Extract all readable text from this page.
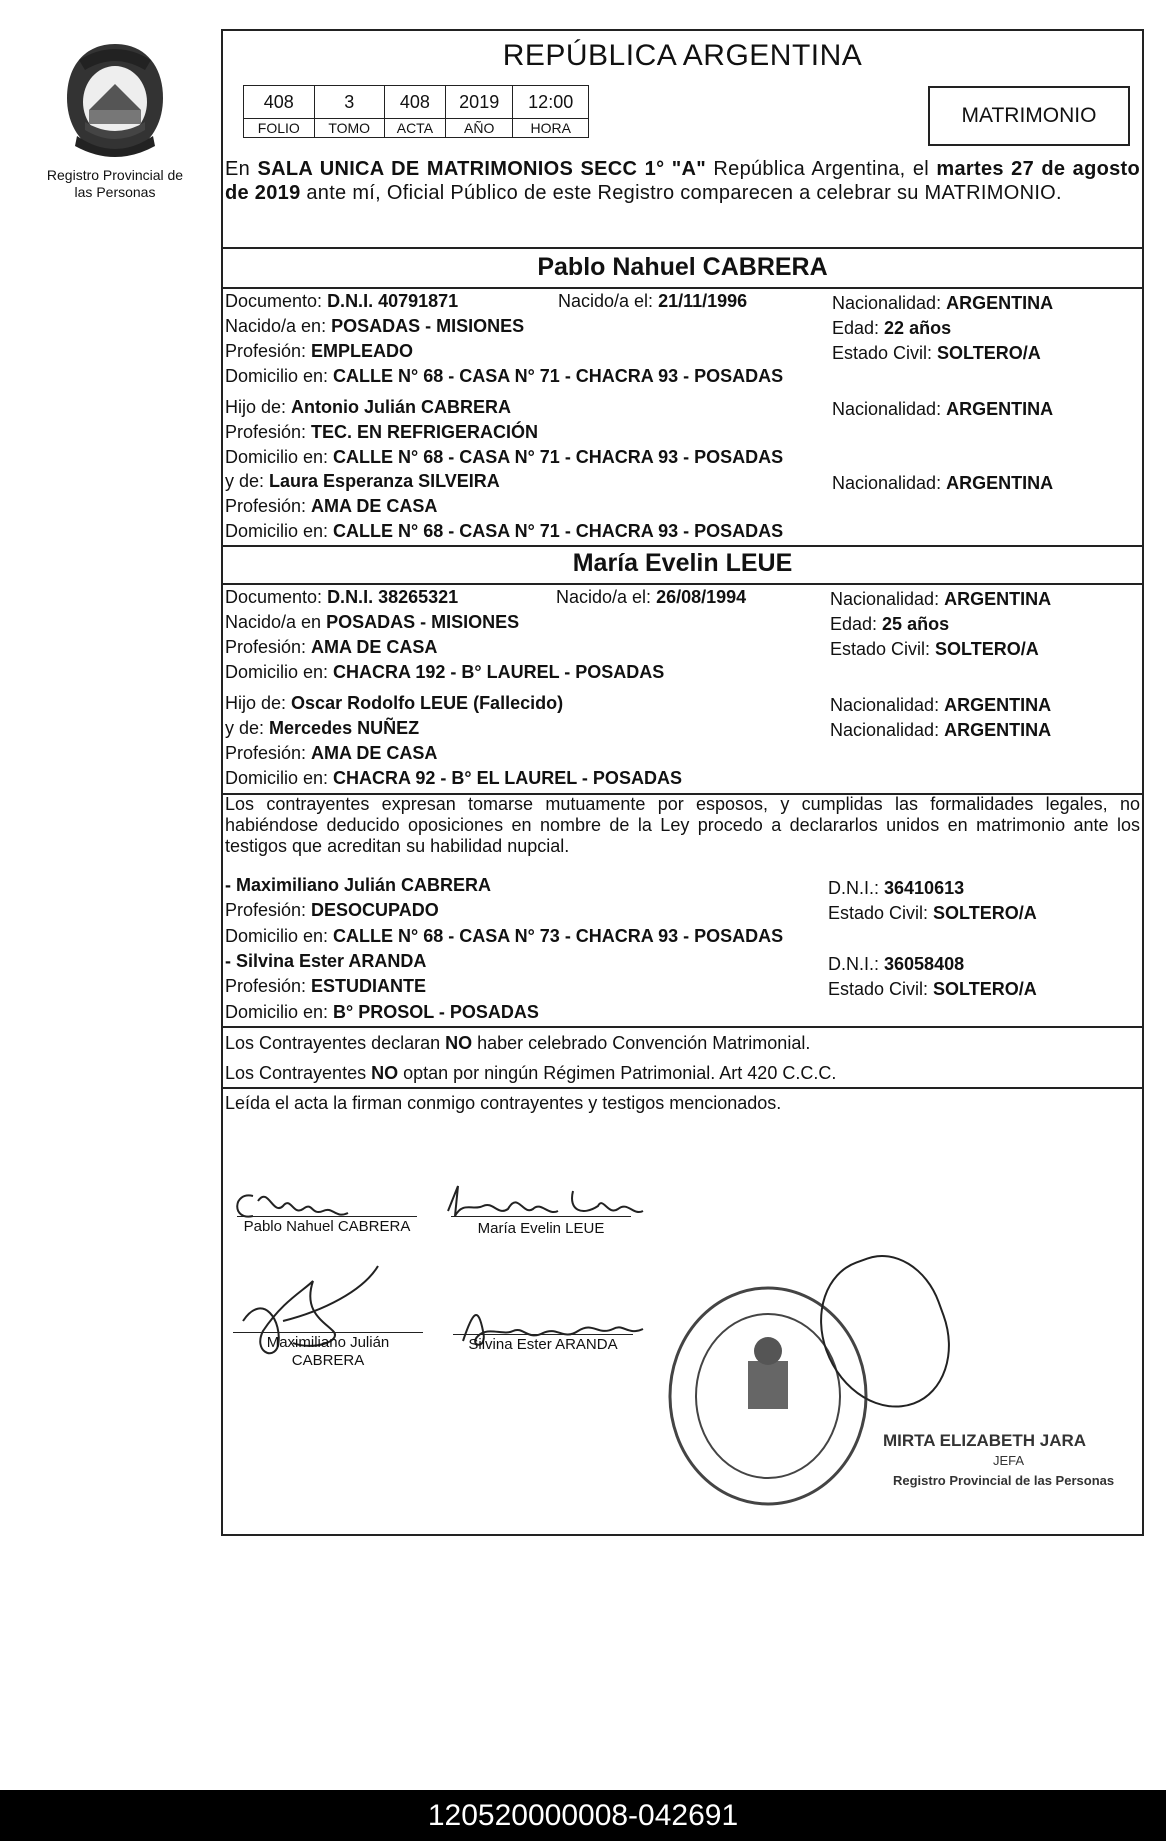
Registro Provincial de las Personas
REPÚBLICA ARGENTINA
408	3	408	2019	12:00
FOLIO	TOMO	ACTA	AÑO	HORA
MATRIMONIO
En SALA UNICA DE MATRIMONIOS SECC 1° "A" República Argentina, el martes 27 de agosto de 2019 ante mí, Oficial Público de este Registro comparecen a celebrar su MATRIMONIO.
Pablo Nahuel CABRERA
Documento: D.N.I. 40791871	Nacido/a el: 21/11/1996	Nacionalidad: ARGENTINA
Nacido/a en: POSADAS - MISIONES	Edad: 22 años
Profesión: EMPLEADO	Estado Civil: SOLTERO/A
Domicilio en: CALLE N° 68 - CASA N° 71 - CHACRA 93 - POSADAS
Hijo de: Antonio Julián CABRERA	Nacionalidad: ARGENTINA
Profesión: TEC. EN REFRIGERACIÓN
Domicilio en: CALLE N° 68 - CASA N° 71 - CHACRA 93 - POSADAS
y de: Laura Esperanza SILVEIRA	Nacionalidad: ARGENTINA
Profesión: AMA DE CASA
Domicilio en: CALLE N° 68 - CASA N° 71 - CHACRA 93 - POSADAS
María Evelin LEUE
Documento: D.N.I. 38265321	Nacido/a el: 26/08/1994	Nacionalidad: ARGENTINA
Nacido/a en POSADAS - MISIONES	Edad: 25 años
Profesión: AMA DE CASA	Estado Civil: SOLTERO/A
Domicilio en: CHACRA 192 - B° LAUREL - POSADAS
Hijo de: Oscar Rodolfo LEUE (Fallecido)	Nacionalidad: ARGENTINA
y de: Mercedes NUÑEZ	Nacionalidad: ARGENTINA
Profesión: AMA DE CASA
Domicilio en: CHACRA 92 - B° EL LAUREL - POSADAS
Los contrayentes expresan tomarse mutuamente por esposos, y cumplidas las formalidades legales, no habiéndose deducido oposiciones en nombre de la Ley procedo a declararlos unidos en matrimonio ante los testigos que acreditan su habilidad nupcial.
- Maximiliano Julián CABRERA	D.N.I.: 36410613
Profesión: DESOCUPADO	Estado Civil: SOLTERO/A
Domicilio en: CALLE N° 68 - CASA N° 73 - CHACRA 93 - POSADAS
- Silvina Ester ARANDA	D.N.I.: 36058408
Profesión: ESTUDIANTE	Estado Civil: SOLTERO/A
Domicilio en: B° PROSOL - POSADAS
Los Contrayentes declaran NO haber celebrado Convención Matrimonial.
Los Contrayentes NO optan por ningún Régimen Patrimonial. Art 420 C.C.C.
Leída el acta la firman conmigo contrayentes y testigos mencionados.
Pablo Nahuel CABRERA	María Evelin LEUE
Maximiliano Julián
CABRERA
Silvina Ester ARANDA
MIRTA ELIZABETH JARA
JEFA
Registro Provincial de las Personas
120520000008-042691
